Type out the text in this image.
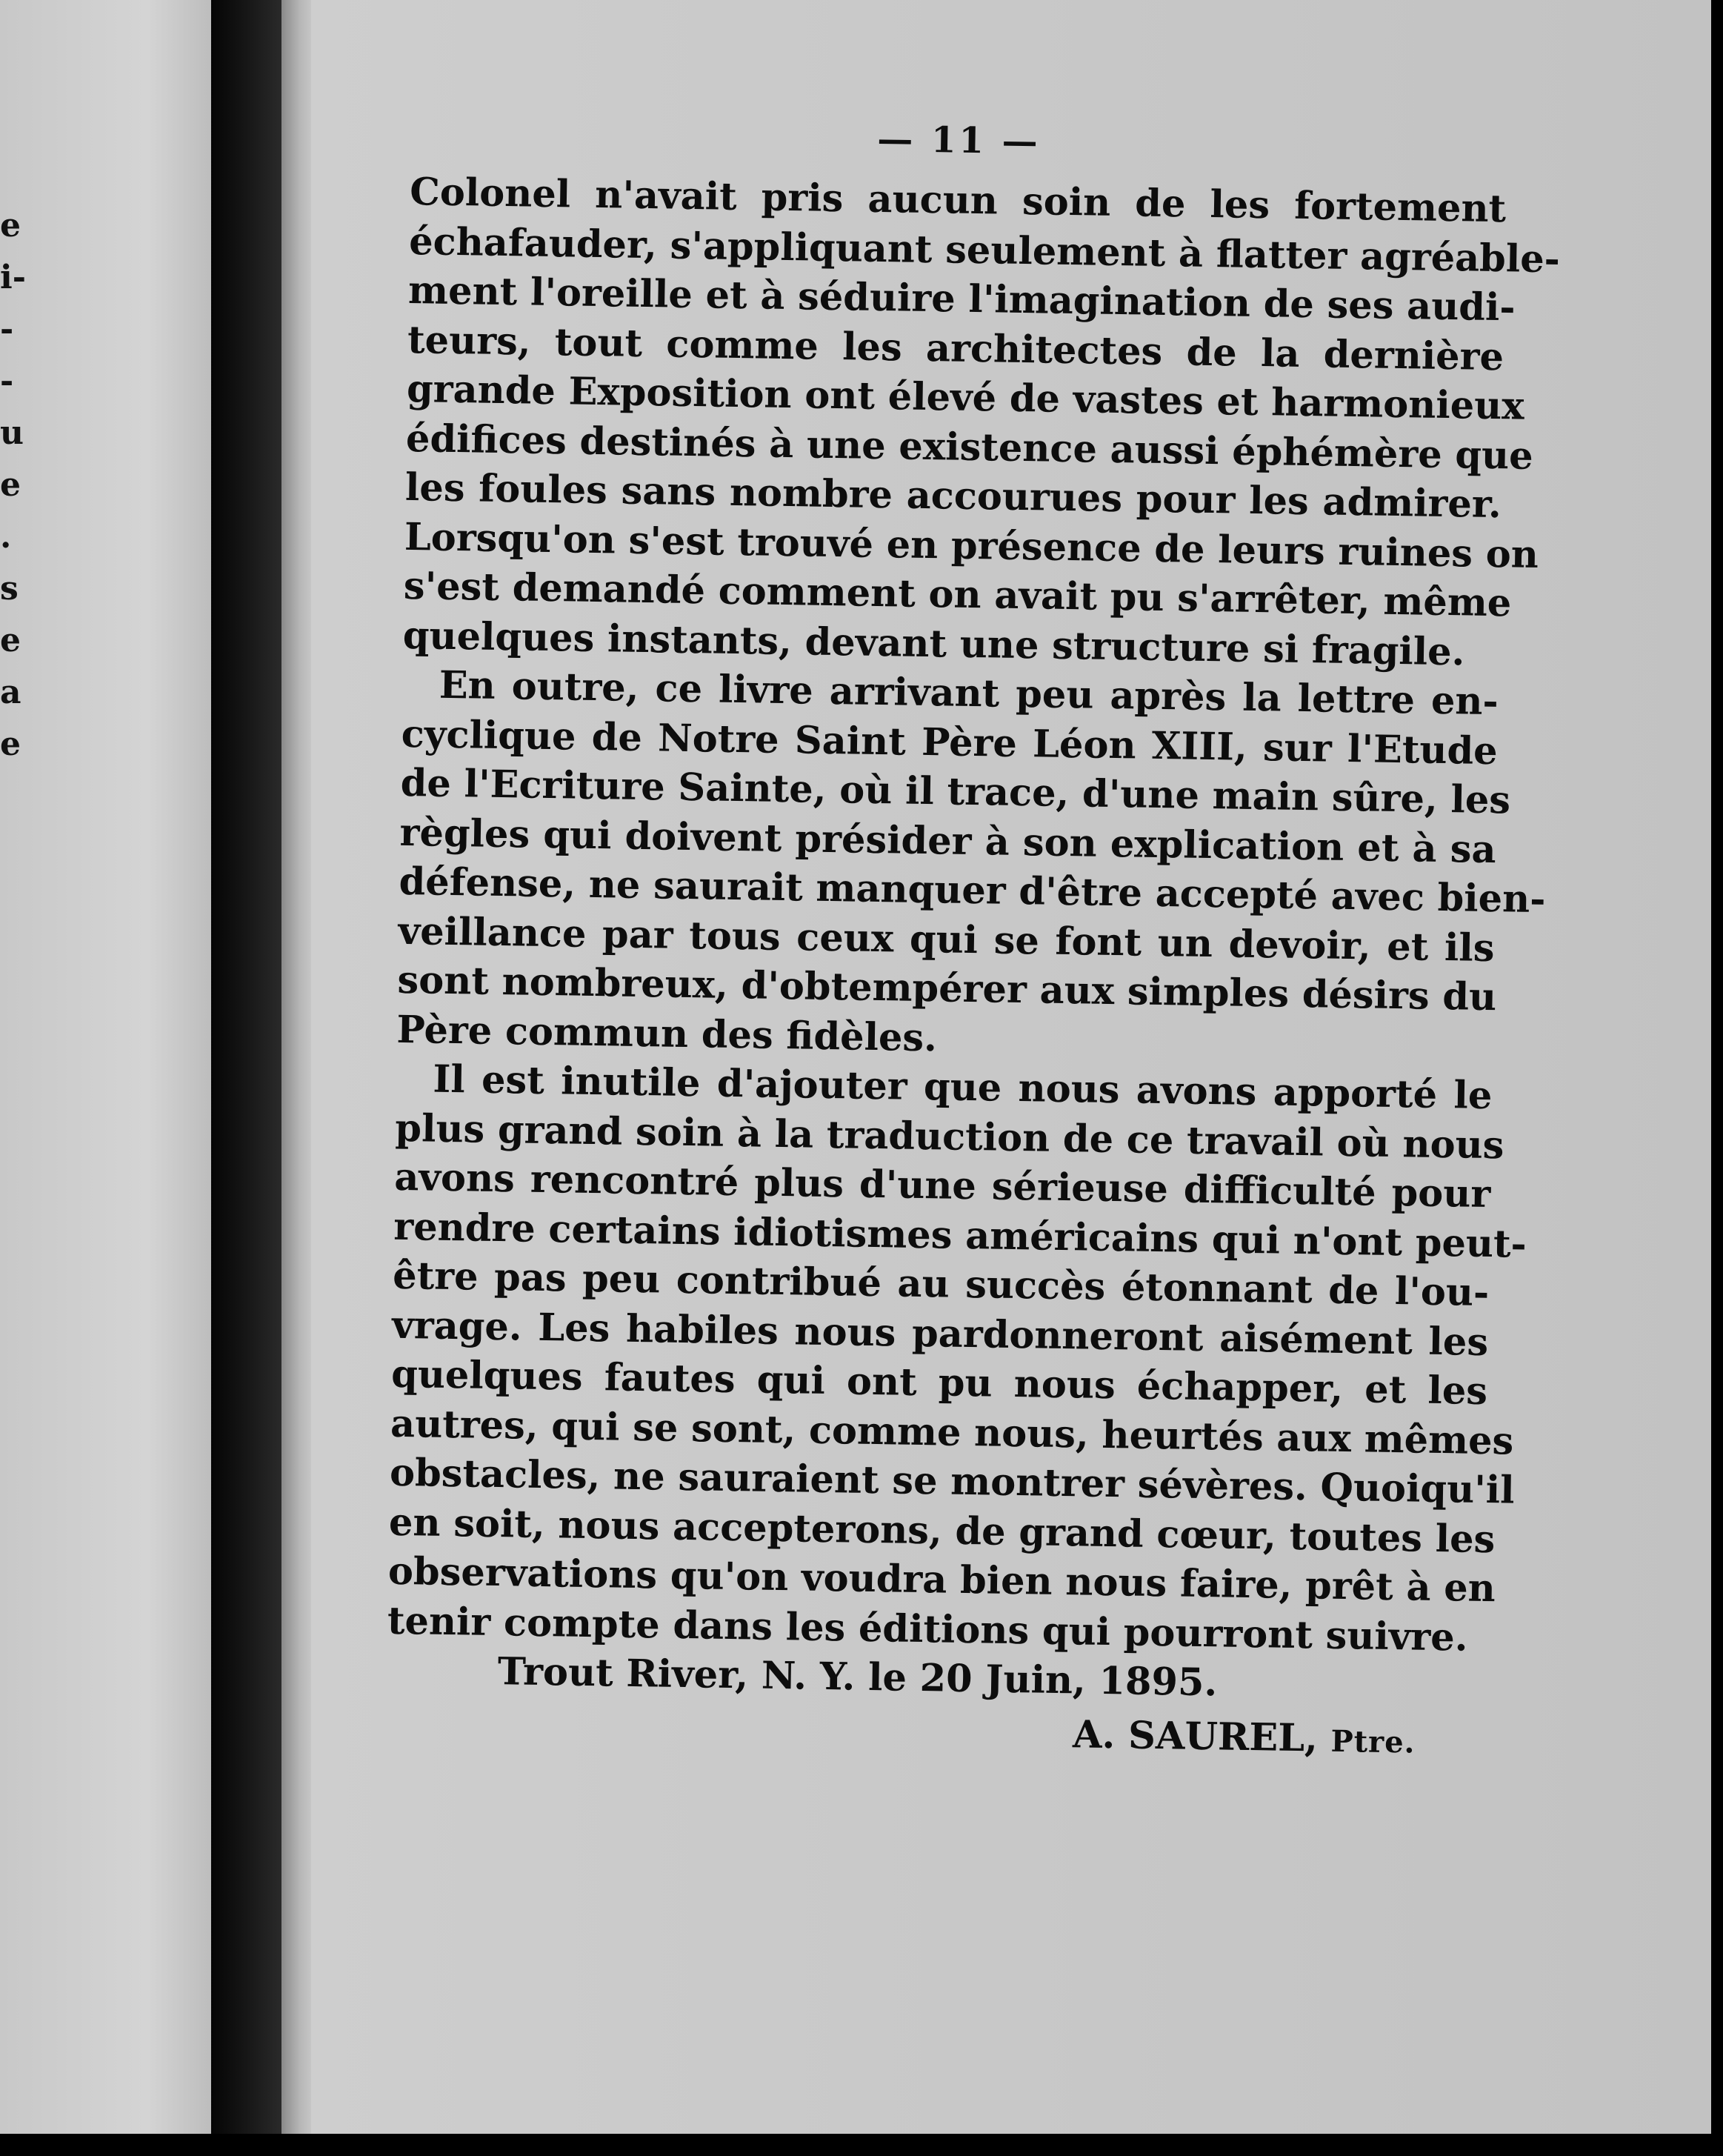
e
i-
-
-
u
e
.
s
e
a
e
— 11 —
Colonel n'avait pris aucun soin de les fortement
échafauder, s'appliquant seulement à flatter agréable-
ment l'oreille et à séduire l'imagination de ses audi-
teurs, tout comme les architectes de la dernière
grande Exposition ont élevé de vastes et harmonieux
édifices destinés à une existence aussi éphémère que
les foules sans nombre accourues pour les admirer.
Lorsqu'on s'est trouvé en présence de leurs ruines on
s'est demandé comment on avait pu s'arrêter, même
quelques instants, devant une structure si fragile.
En outre, ce livre arrivant peu après la lettre en-
cyclique de Notre Saint Père Léon XIII, sur l'Etude
de l'Ecriture Sainte, où il trace, d'une main sûre, les
règles qui doivent présider à son explication et à sa
défense, ne saurait manquer d'être accepté avec bien-
veillance par tous ceux qui se font un devoir, et ils
sont nombreux, d'obtempérer aux simples désirs du
Père commun des fidèles.
Il est inutile d'ajouter que nous avons apporté le
plus grand soin à la traduction de ce travail où nous
avons rencontré plus d'une sérieuse difficulté pour
rendre certains idiotismes américains qui n'ont peut-
être pas peu contribué au succès étonnant de l'ou-
vrage. Les habiles nous pardonneront aisément les
quelques fautes qui ont pu nous échapper, et les
autres, qui se sont, comme nous, heurtés aux mêmes
obstacles, ne sauraient se montrer sévères. Quoiqu'il
en soit, nous accepterons, de grand cœur, toutes les
observations qu'on voudra bien nous faire, prêt à en
tenir compte dans les éditions qui pourront suivre.
Trout River, N. Y. le 20 Juin, 1895.
A. SAUREL, Ptre.
